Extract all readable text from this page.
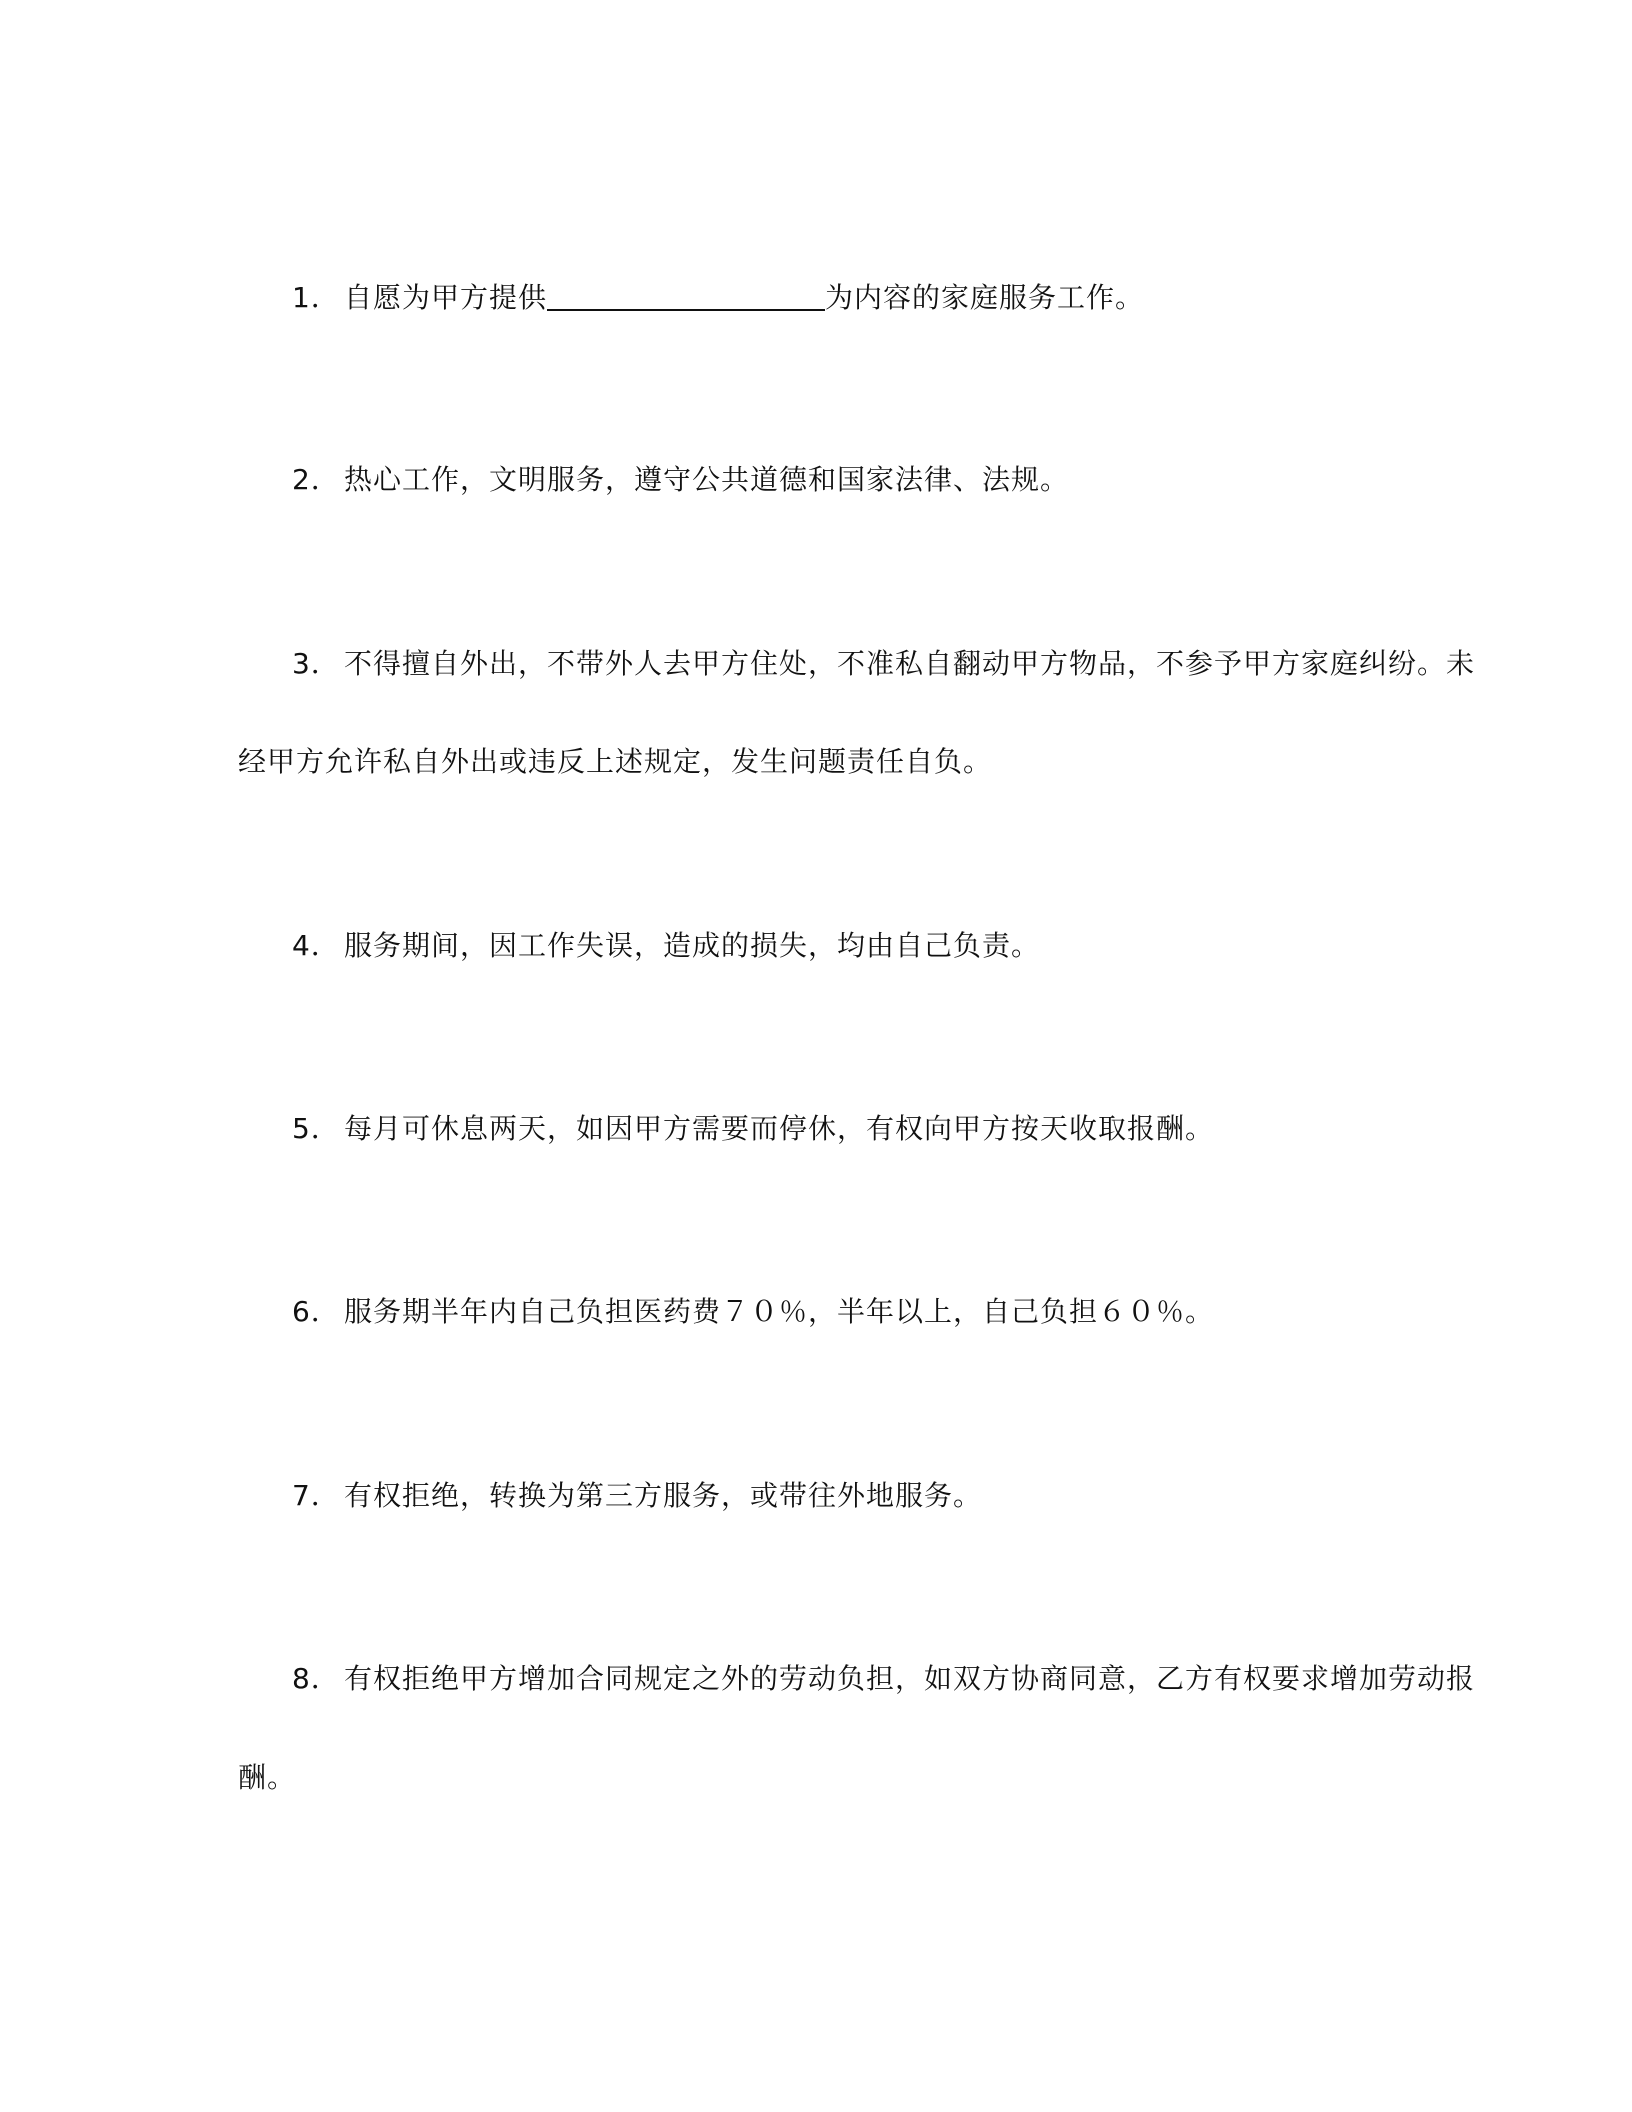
1． 自愿为甲方提供	为内容的家庭服务工作。
2． 热心工作，文明服务，遵守公共道德和国家法律、法规。
3． 不得擅自外出，不带外人去甲方住处，不准私自翻动甲方物品，不参予甲方家庭纠纷。未
经甲方允许私自外出或违反上述规定，发生问题责任自负。
4． 服务期间，因工作失误，造成的损失，均由自己负责。
5． 每月可休息两天，如因甲方需要而停休，有权向甲方按天收取报酬。
6． 服务期半年内自己负担医药费７０％，半年以上，自己负担６０％。
7． 有权拒绝，转换为第三方服务，或带往外地服务。
8． 有权拒绝甲方增加合同规定之外的劳动负担，如双方协商同意，乙方有权要求增加劳动报
酬。
